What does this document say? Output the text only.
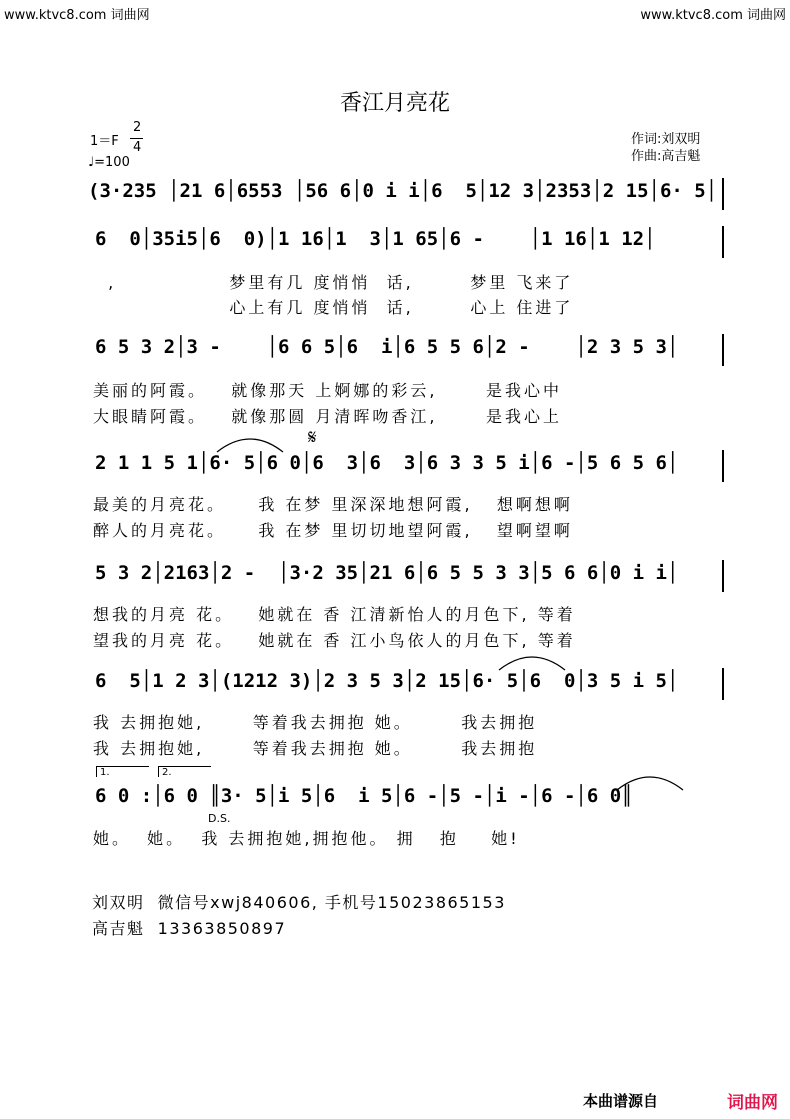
www.ktvc8.com 词曲网	www.ktvc8.com 词曲网
香江月亮花
1＝F
2
4
♩=100
作词:刘双明
作曲:高吉魁
(3·235 │21 6│6553 │56 6│0 i i│6  5│12 3│2353│2 15│6· 5│
6  0│35i5│6  0)│1 16│1  3│1 65│6 -    │1 16│1 12│
,              梦里有几 度悄悄  话,       梦里 飞来了
心上有几 度悄悄  话,       心上 住进了
6 5 3 2│3 -    │6 6 5│6  i│6 5 5 6│2 -    │2 3 5 3│
美丽的阿霞。   就像那天 上婀娜的彩云,      是我心中
大眼睛阿霞。   就像那圆 月清晖吻香江,      是我心上
𝄋
2 1 1 5 1│6· 5│6 0│6  3│6  3│6 3 3 5 i│6 -│5 6 5 6│
最美的月亮花。    我 在梦 里深深地想阿霞,   想啊想啊
醉人的月亮花。    我 在梦 里切切地望阿霞,   望啊望啊
5 3 2│2163│2 -  │3·2 35│21 6│6 5 5 3 3│5 6 6│0 i i│
想我的月亮 花。   她就在 香 江清新怡人的月色下, 等着
望我的月亮 花。   她就在 香 江小鸟依人的月色下, 等着
6  5│1 2 3│(1212 3)│2 3 5 3│2 15│6· 5│6  0│3 5 i 5│
我 去拥抱她,      等着我去拥抱 她。      我去拥抱
我 去拥抱她,      等着我去拥抱 她。      我去拥抱
1.	2.
6 0 :│6 0 ║3· 5│i 5│6  i 5│6 -│5 -│i -│6 -│6 0║
D.S.
她。  她。  我 去拥抱她,拥抱他。 拥   抱    她!
刘双明  微信号xwj840606, 手机号15023865153
高吉魁  13363850897
本曲谱源自	词曲网
